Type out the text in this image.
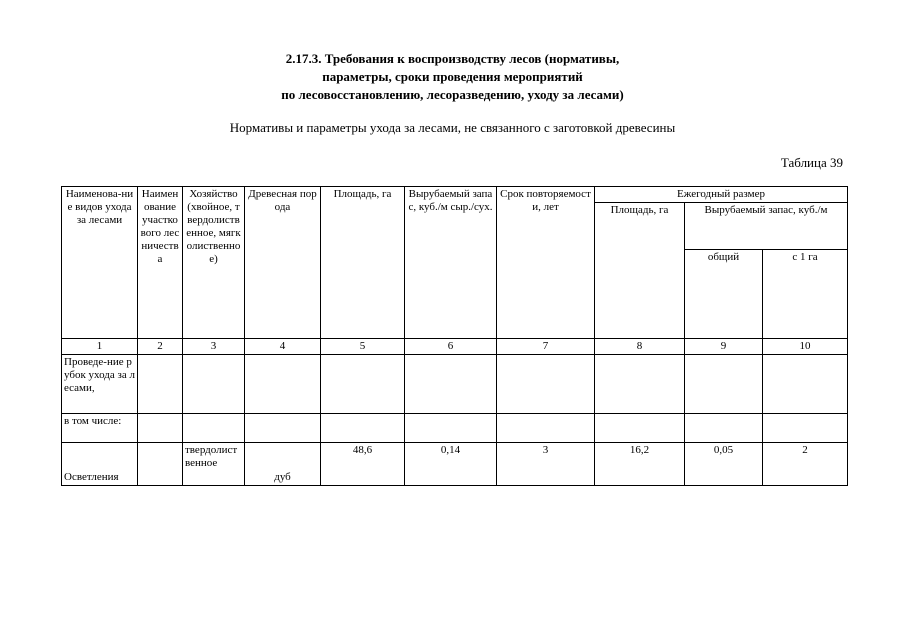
2.17.3. Требования к воспроизводству лесов (нормативы,
параметры, сроки проведения мероприятий
по лесовосстановлению, лесоразведению, уходу за лесами)
Нормативы и параметры ухода за лесами, не связанного с заготовкой древесины
Таблица 39
Наименова-ние видов ухода за лесами	Наименование участкового лесничества	Хозяйство (хвойное, твердолиственное, мягколиственное)	Древесная порода	Площадь, га	Вырубаемый запас, куб./м сыр./сух.	Срок повторяемости, лет	Ежегодный размер		
							Площадь, га	Вырубаемый запас, куб./м	
								общий	с 1 га
1	2	3	4	5	6	7	8	9	10
Проведе-ние рубок ухода за лесами,									
в том числе:									
Осветления		твердолиственное	дуб	48,6	0,14	3	16,2	0,05	2
